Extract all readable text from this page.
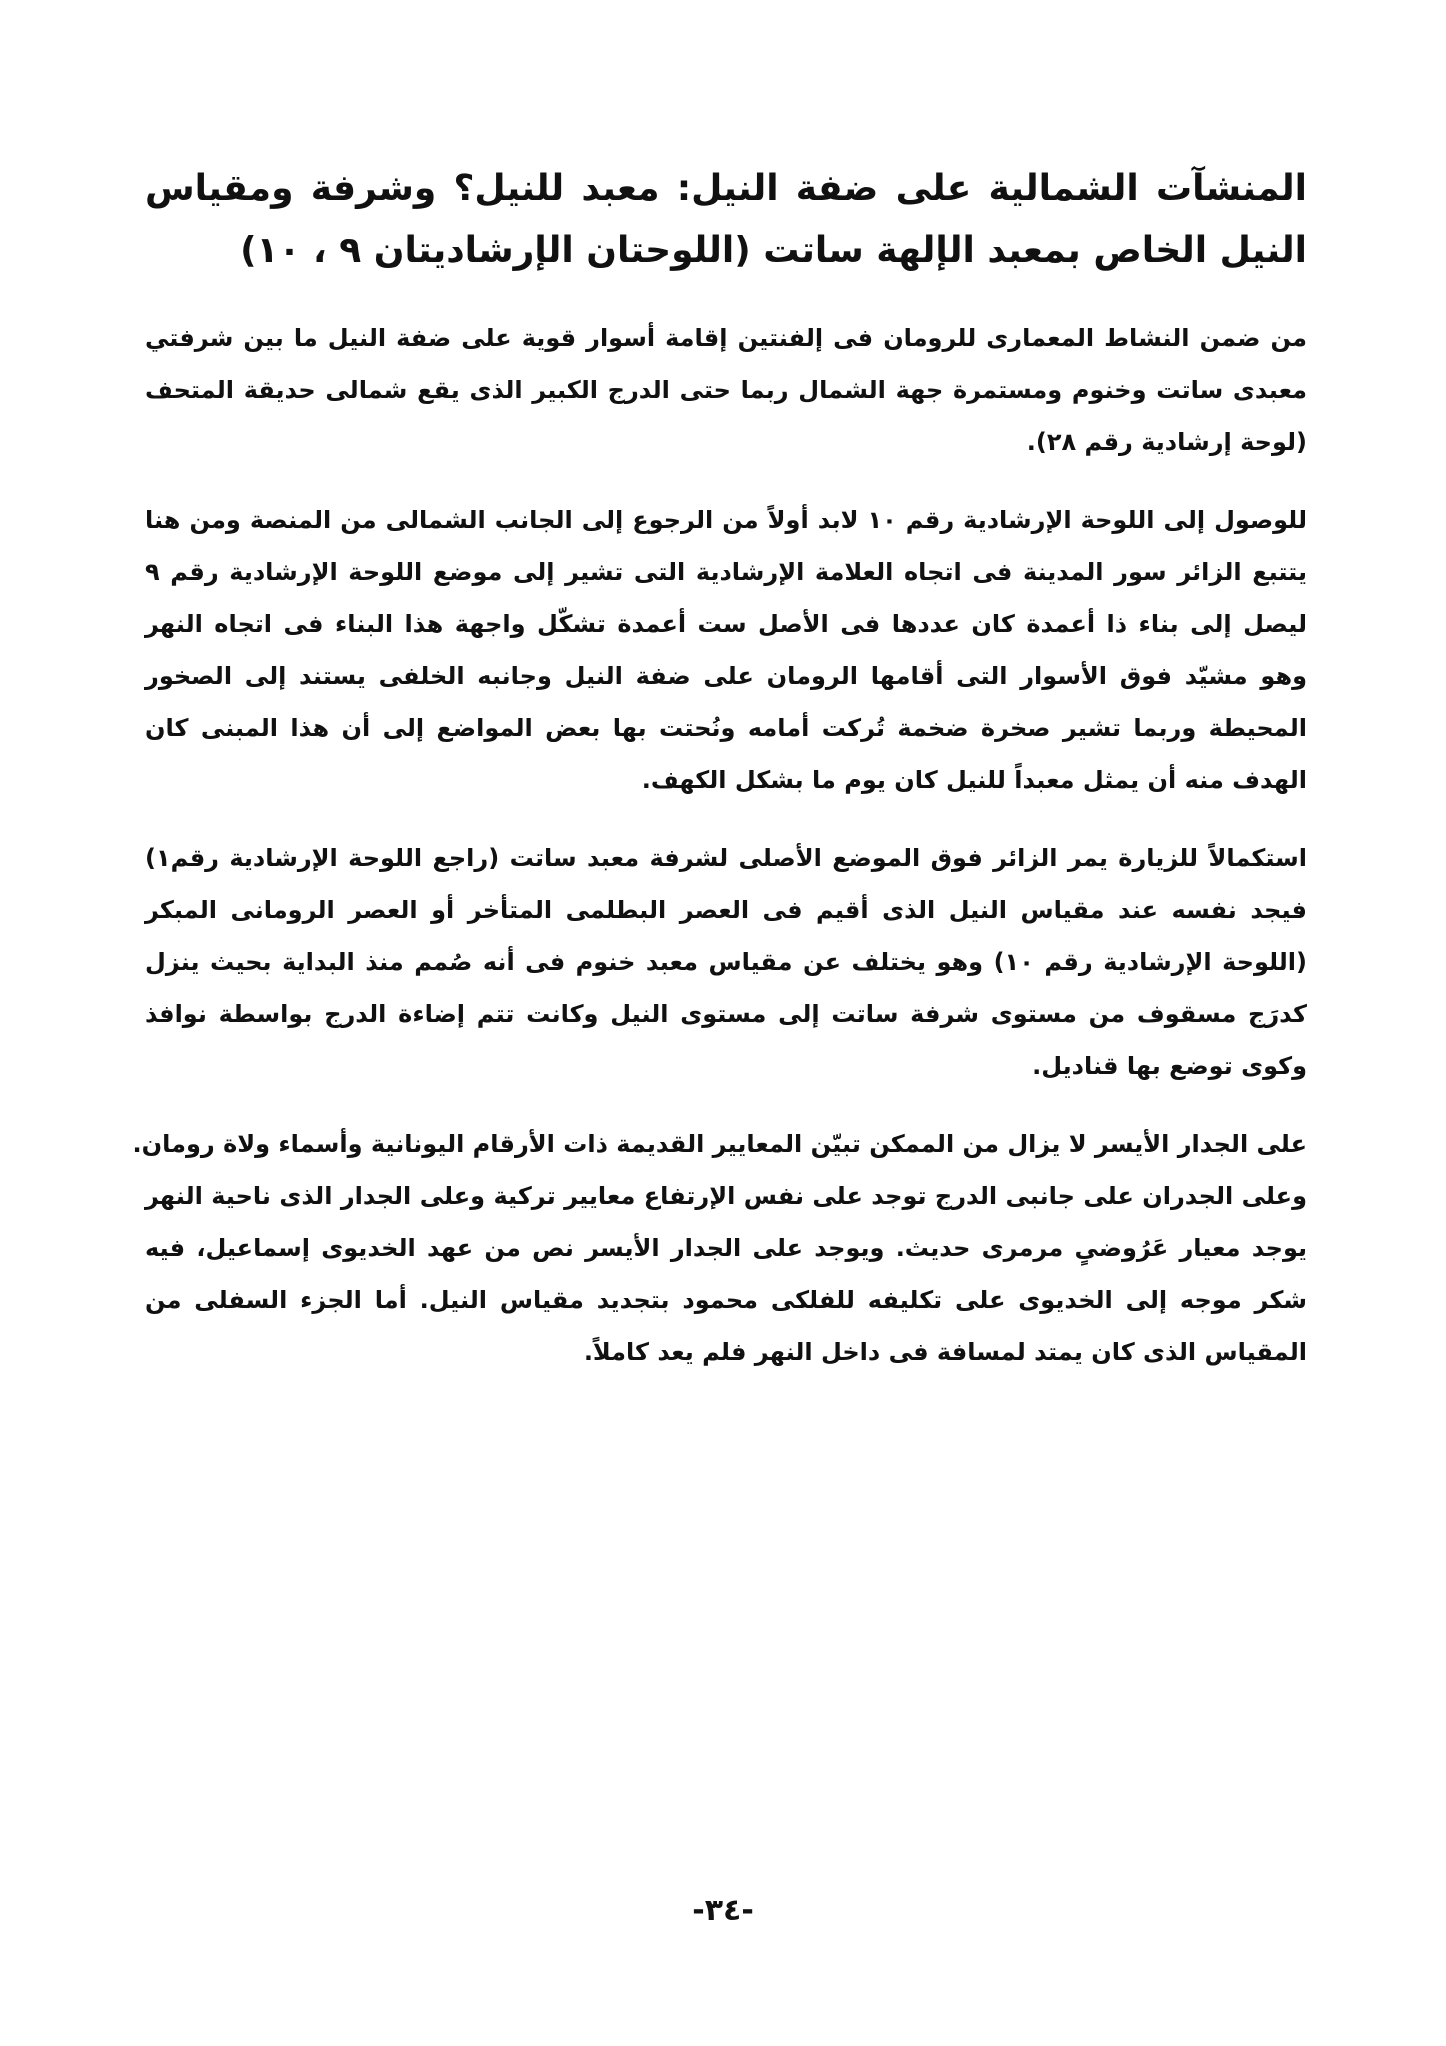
المنشآت الشمالية على ضفة النيل: معبد للنيل؟ وشرفة ومقياس
النيل الخاص بمعبد الإلهة ساتت (اللوحتان الإرشاديتان ٩ ، ١٠)

من ضمن النشاط المعمارى للرومان فى إلفنتين إقامة أسوار قوية على ضفة النيل ما بين شرفتي
معبدى ساتت وخنوم ومستمرة جهة الشمال ربما حتى الدرج الكبير الذى يقع شمالى حديقة المتحف
(لوحة إرشادية رقم ٢٨).

للوصول إلى اللوحة الإرشادية رقم ١٠ لابد أولاً من الرجوع إلى الجانب الشمالى من المنصة ومن هنا
يتتبع الزائر سور المدينة فى اتجاه العلامة الإرشادية التى تشير إلى موضع اللوحة الإرشادية رقم ٩
ليصل إلى بناء ذا أعمدة كان عددها فى الأصل ست أعمدة تشكّل واجهة هذا البناء فى اتجاه النهر
وهو مشيّد فوق الأسوار التى أقامها الرومان على ضفة النيل وجانبه الخلفى يستند إلى الصخور
المحيطة وربما تشير صخرة ضخمة تُركت أمامه ونُحتت بها بعض المواضع إلى أن هذا المبنى كان
الهدف منه أن يمثل معبداً للنيل كان يوم ما بشكل الكهف.

استكمالاً للزيارة يمر الزائر فوق الموضع الأصلى لشرفة معبد ساتت (راجع اللوحة الإرشادية رقم١)
فيجد نفسه عند مقياس النيل الذى أقيم فى العصر البطلمى المتأخر أو العصر الرومانى المبكر
(اللوحة الإرشادية رقم ١٠) وهو يختلف عن مقياس معبد خنوم فى أنه صُمم منذ البداية بحيث ينزل
كدرَج مسقوف من مستوى شرفة ساتت إلى مستوى النيل وكانت تتم إضاءة الدرج بواسطة نوافذ
وكوى توضع بها قناديل.

على الجدار الأيسر لا يزال من الممكن تبيّن المعايير القديمة ذات الأرقام اليونانية وأسماء ولاة رومان.
وعلى الجدران على جانبى الدرج توجد على نفس الإرتفاع معايير تركية وعلى الجدار الذى ناحية النهر
يوجد معيار عَرُوضىٍ مرمرى حديث. ويوجد على الجدار الأيسر نص من عهد الخديوى إسماعيل، فيه
شكر موجه إلى الخديوى على تكليفه للفلكى محمود بتجديد مقياس النيل. أما الجزء السفلى من
المقياس الذى كان يمتد لمسافة فى داخل النهر فلم يعد كاملاً.

-٣٤-
